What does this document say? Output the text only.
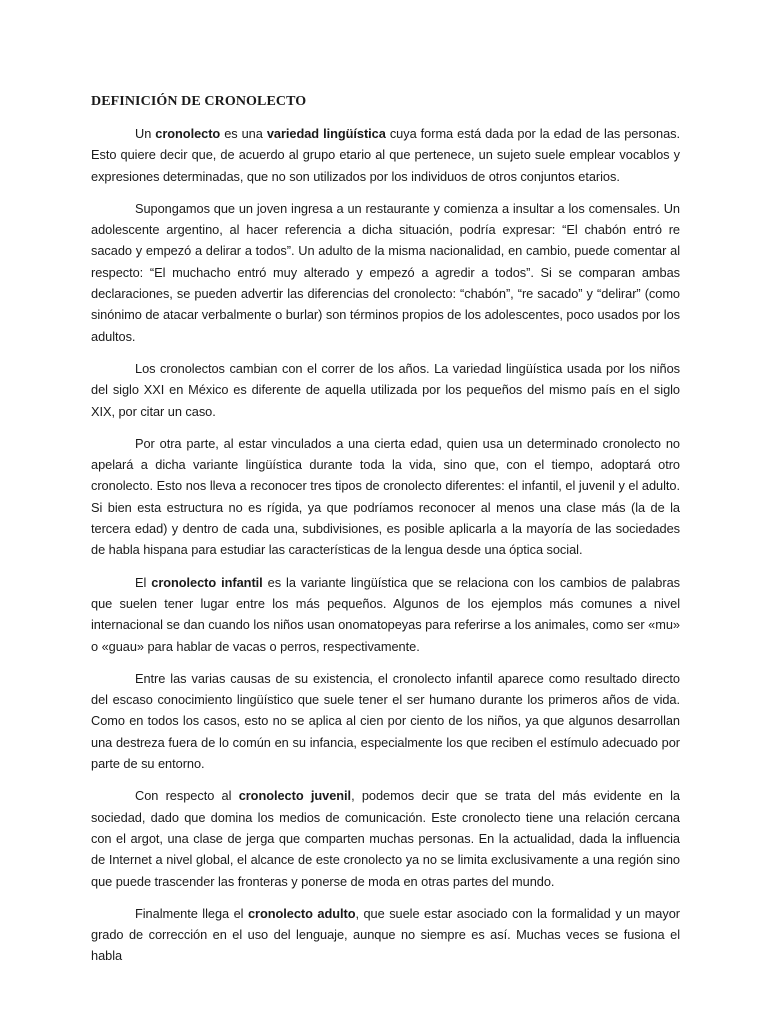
DEFINICIÓN DE CRONOLECTO

Un cronolecto es una variedad lingüística cuya forma está dada por la edad de las personas. Esto quiere decir que, de acuerdo al grupo etario al que pertenece, un sujeto suele emplear vocablos y expresiones determinadas, que no son utilizados por los individuos de otros conjuntos etarios.

Supongamos que un joven ingresa a un restaurante y comienza a insultar a los comensales. Un adolescente argentino, al hacer referencia a dicha situación, podría expresar: “El chabón entró re sacado y empezó a delirar a todos”. Un adulto de la misma nacionalidad, en cambio, puede comentar al respecto: “El muchacho entró muy alterado y empezó a agredir a todos”. Si se comparan ambas declaraciones, se pueden advertir las diferencias del cronolecto: “chabón”, “re sacado” y “delirar” (como sinónimo de atacar verbalmente o burlar) son términos propios de los adolescentes, poco usados por los adultos.

Los cronolectos cambian con el correr de los años. La variedad lingüística usada por los niños del siglo XXI en México es diferente de aquella utilizada por los pequeños del mismo país en el siglo XIX, por citar un caso.

Por otra parte, al estar vinculados a una cierta edad, quien usa un determinado cronolecto no apelará a dicha variante lingüística durante toda la vida, sino que, con el tiempo, adoptará otro cronolecto. Esto nos lleva a reconocer tres tipos de cronolecto diferentes: el infantil, el juvenil y el adulto. Si bien esta estructura no es rígida, ya que podríamos reconocer al menos una clase más (la de la tercera edad) y dentro de cada una, subdivisiones, es posible aplicarla a la mayoría de las sociedades de habla hispana para estudiar las características de la lengua desde una óptica social.

El cronolecto infantil es la variante lingüística que se relaciona con los cambios de palabras que suelen tener lugar entre los más pequeños. Algunos de los ejemplos más comunes a nivel internacional se dan cuando los niños usan onomatopeyas para referirse a los animales, como ser «mu» o «guau» para hablar de vacas o perros, respectivamente.

Entre las varias causas de su existencia, el cronolecto infantil aparece como resultado directo del escaso conocimiento lingüístico que suele tener el ser humano durante los primeros años de vida. Como en todos los casos, esto no se aplica al cien por ciento de los niños, ya que algunos desarrollan una destreza fuera de lo común en su infancia, especialmente los que reciben el estímulo adecuado por parte de su entorno.

Con respecto al cronolecto juvenil, podemos decir que se trata del más evidente en la sociedad, dado que domina los medios de comunicación. Este cronolecto tiene una relación cercana con el argot, una clase de jerga que comparten muchas personas. En la actualidad, dada la influencia de Internet a nivel global, el alcance de este cronolecto ya no se limita exclusivamente a una región sino que puede trascender las fronteras y ponerse de moda en otras partes del mundo.

Finalmente llega el cronolecto adulto, que suele estar asociado con la formalidad y un mayor grado de corrección en el uso del lenguaje, aunque no siempre es así. Muchas veces se fusiona el habla
